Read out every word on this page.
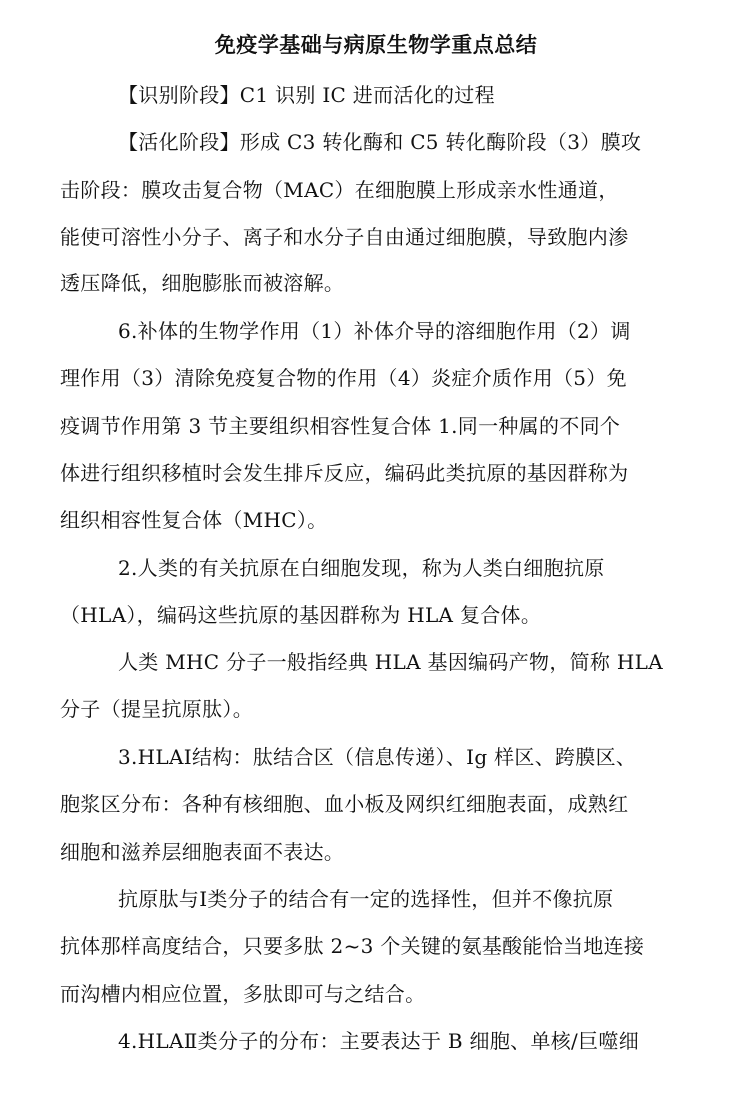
免疫学基础与病原生物学重点总结
【识别阶段】C1 识别 IC 进而活化的过程
【活化阶段】形成 C3 转化酶和 C5 转化酶阶段（3）膜攻
击阶段：膜攻击复合物（MAC）在细胞膜上形成亲水性通道，
能使可溶性小分子、离子和水分子自由通过细胞膜，导致胞内渗
透压降低，细胞膨胀而被溶解。
6.补体的生物学作用（1）补体介导的溶细胞作用（2）调
理作用（3）清除免疫复合物的作用（4）炎症介质作用（5）免
疫调节作用第 3 节主要组织相容性复合体 1.同一种属的不同个
体进行组织移植时会发生排斥反应，编码此类抗原的基因群称为
组织相容性复合体（MHC）。
2.人类的有关抗原在白细胞发现，称为人类白细胞抗原
（HLA），编码这些抗原的基因群称为 HLA 复合体。
人类 MHC 分子一般指经典 HLA 基因编码产物，简称 HLA
分子（提呈抗原肽）。
3.HLAⅠ结构：肽结合区（信息传递）、Ig 样区、跨膜区、
胞浆区分布：各种有核细胞、血小板及网织红细胞表面，成熟红
细胞和滋养层细胞表面不表达。
抗原肽与Ⅰ类分子的结合有一定的选择性，但并不像抗原
抗体那样高度结合，只要多肽 2~3 个关键的氨基酸能恰当地连接
而沟槽内相应位置，多肽即可与之结合。
4.HLAⅡ类分子的分布：主要表达于 B 细胞、单核/巨噬细
